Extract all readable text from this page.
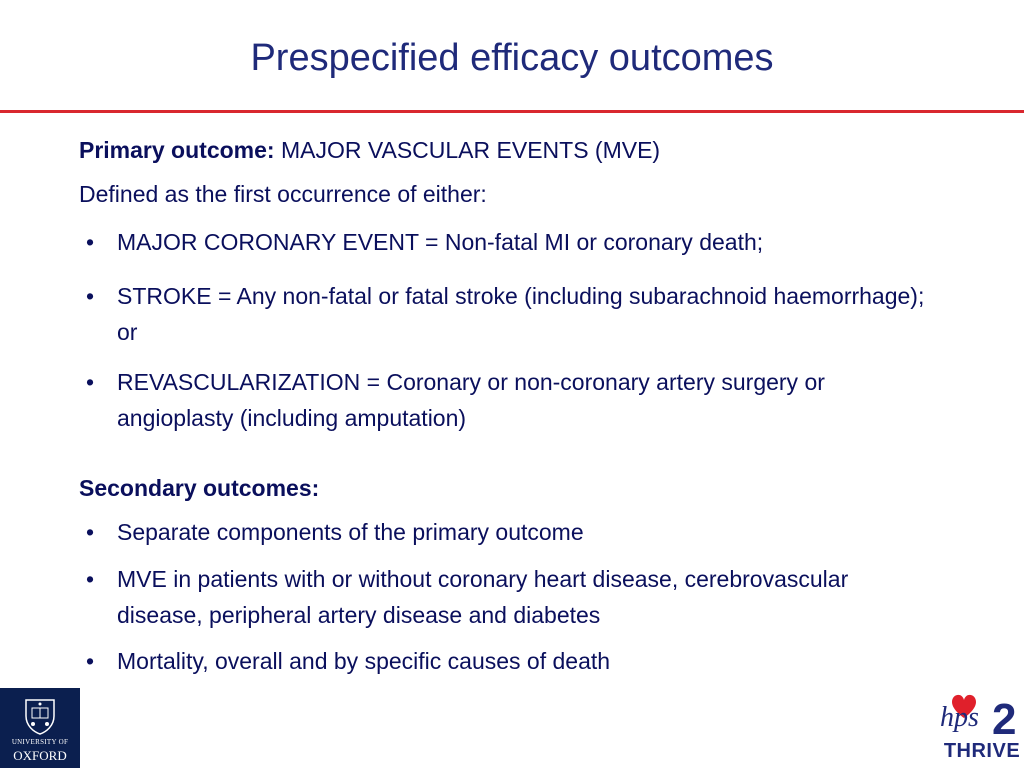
Prespecified efficacy outcomes
Primary outcome: MAJOR VASCULAR EVENTS (MVE)
Defined as the first occurrence of either:
• MAJOR CORONARY EVENT = Non-fatal MI or coronary death;
• STROKE = Any non-fatal or fatal stroke (including subarachnoid haemorrhage); or
• REVASCULARIZATION = Coronary or non-coronary artery surgery or angioplasty (including amputation)
Secondary outcomes:
• Separate components of the primary outcome
• MVE in patients with or without coronary heart disease, cerebrovascular disease, peripheral artery disease and diabetes
• Mortality, overall and by specific causes of death
UNIVERSITY OF
OXFORD
hps 2
THRIVE
